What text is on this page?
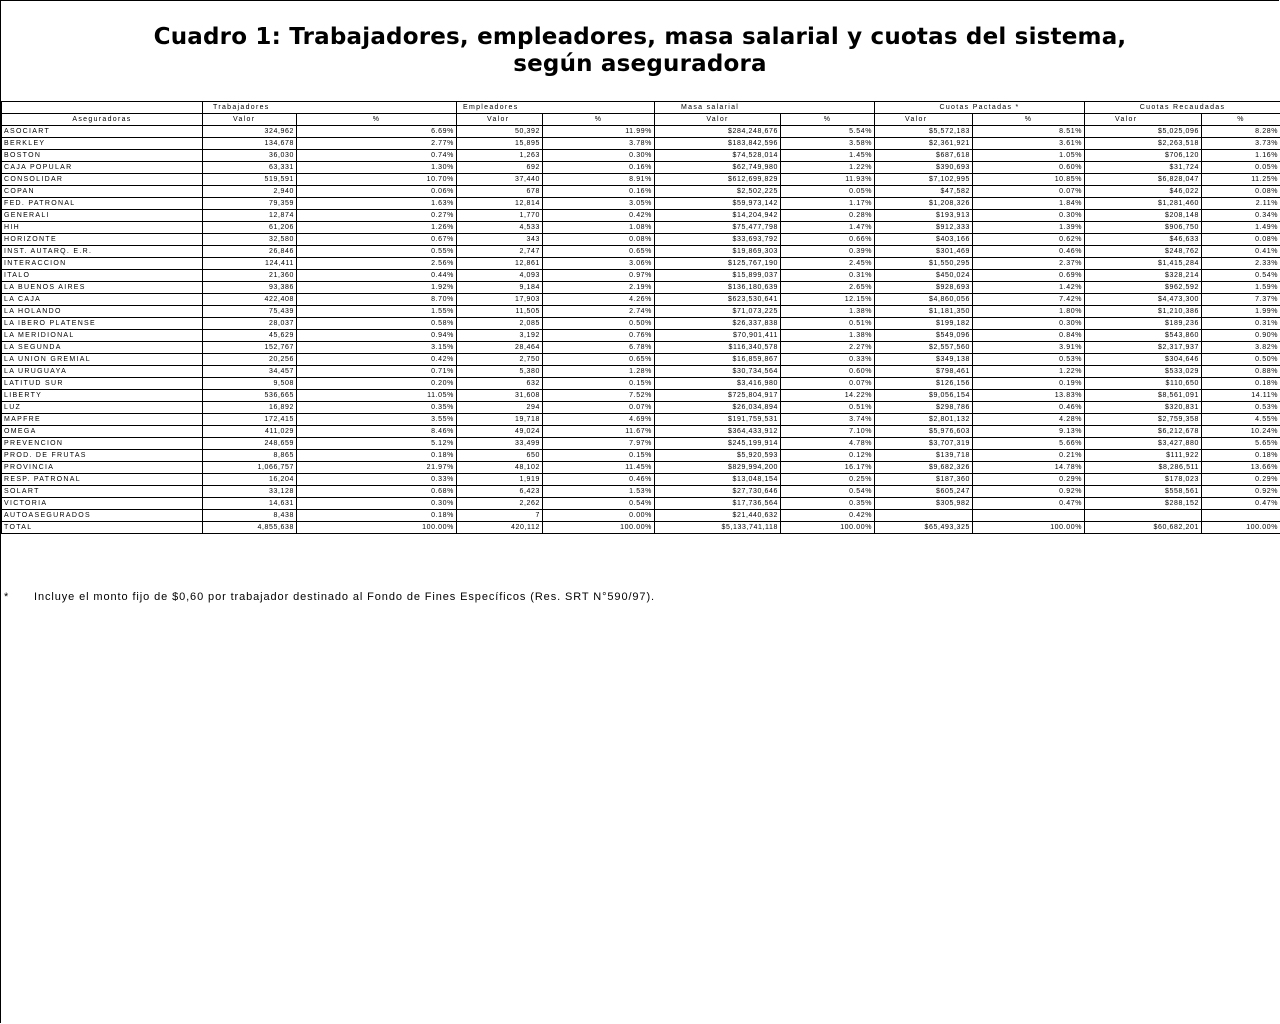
Cuadro 1: Trabajadores, empleadores, masa salarial y cuotas del sistema,
según aseguradora
	Trabajadores		Empleadores		Masa salarial		Cuotas Pactadas *		Cuotas Recaudadas	
Aseguradoras	Valor	%	Valor	%	Valor	%	Valor	%	Valor	%
ASOCIART	324,962	6.69%	50,392	11.99%	$284,248,676	5.54%	$5,572,183	8.51%	$5,025,096	8.28%
BERKLEY	134,678	2.77%	15,895	3.78%	$183,842,596	3.58%	$2,361,921	3.61%	$2,263,518	3.73%
BOSTON	36,030	0.74%	1,263	0.30%	$74,528,014	1.45%	$687,618	1.05%	$706,120	1.16%
CAJA POPULAR	63,331	1.30%	692	0.16%	$62,749,980	1.22%	$390,693	0.60%	$31,724	0.05%
CONSOLIDAR	519,591	10.70%	37,440	8.91%	$612,699,829	11.93%	$7,102,995	10.85%	$6,828,047	11.25%
COPAN	2,940	0.06%	678	0.16%	$2,502,225	0.05%	$47,582	0.07%	$46,022	0.08%
FED. PATRONAL	79,359	1.63%	12,814	3.05%	$59,973,142	1.17%	$1,208,326	1.84%	$1,281,460	2.11%
GENERALI	12,874	0.27%	1,770	0.42%	$14,204,942	0.28%	$193,913	0.30%	$208,148	0.34%
HIH	61,206	1.26%	4,533	1.08%	$75,477,798	1.47%	$912,333	1.39%	$906,750	1.49%
HORIZONTE	32,580	0.67%	343	0.08%	$33,693,792	0.66%	$403,166	0.62%	$46,633	0.08%
INST. AUTARQ. E.R.	26,846	0.55%	2,747	0.65%	$19,869,303	0.39%	$301,469	0.46%	$248,762	0.41%
INTERACCION	124,411	2.56%	12,861	3.06%	$125,767,190	2.45%	$1,550,295	2.37%	$1,415,284	2.33%
ITALO	21,360	0.44%	4,093	0.97%	$15,899,037	0.31%	$450,024	0.69%	$328,214	0.54%
LA BUENOS AIRES	93,386	1.92%	9,184	2.19%	$136,180,639	2.65%	$928,693	1.42%	$962,592	1.59%
LA CAJA	422,408	8.70%	17,903	4.26%	$623,530,641	12.15%	$4,860,056	7.42%	$4,473,300	7.37%
LA HOLANDO	75,439	1.55%	11,505	2.74%	$71,073,225	1.38%	$1,181,350	1.80%	$1,210,386	1.99%
LA IBERO PLATENSE	28,037	0.58%	2,085	0.50%	$26,337,838	0.51%	$199,182	0.30%	$189,236	0.31%
LA MERIDIONAL	45,629	0.94%	3,192	0.76%	$70,901,411	1.38%	$549,096	0.84%	$543,860	0.90%
LA SEGUNDA	152,767	3.15%	28,464	6.78%	$116,340,578	2.27%	$2,557,560	3.91%	$2,317,937	3.82%
LA UNION GREMIAL	20,256	0.42%	2,750	0.65%	$16,859,867	0.33%	$349,138	0.53%	$304,646	0.50%
LA URUGUAYA	34,457	0.71%	5,380	1.28%	$30,734,564	0.60%	$798,461	1.22%	$533,029	0.88%
LATITUD SUR	9,508	0.20%	632	0.15%	$3,416,980	0.07%	$126,156	0.19%	$110,650	0.18%
LIBERTY	536,665	11.05%	31,608	7.52%	$725,804,917	14.22%	$9,056,154	13.83%	$8,561,091	14.11%
LUZ	16,892	0.35%	294	0.07%	$26,034,894	0.51%	$298,786	0.46%	$320,831	0.53%
MAPFRE	172,415	3.55%	19,718	4.69%	$191,759,531	3.74%	$2,801,132	4.28%	$2,759,358	4.55%
OMEGA	411,029	8.46%	49,024	11.67%	$364,433,912	7.10%	$5,976,603	9.13%	$6,212,678	10.24%
PREVENCION	248,659	5.12%	33,499	7.97%	$245,199,914	4.78%	$3,707,319	5.66%	$3,427,880	5.65%
PROD. DE FRUTAS	8,865	0.18%	650	0.15%	$5,920,593	0.12%	$139,718	0.21%	$111,922	0.18%
PROVINCIA	1,066,757	21.97%	48,102	11.45%	$829,994,200	16.17%	$9,682,326	14.78%	$8,286,511	13.66%
RESP. PATRONAL	16,204	0.33%	1,919	0.46%	$13,048,154	0.25%	$187,360	0.29%	$178,023	0.29%
SOLART	33,128	0.68%	6,423	1.53%	$27,730,646	0.54%	$605,247	0.92%	$558,561	0.92%
VICTORIA	14,631	0.30%	2,262	0.54%	$17,736,564	0.35%	$305,982	0.47%	$288,152	0.47%
AUTOASEGURADOS	8,438	0.18%	7	0.00%	$21,440,632	0.42%				
TOTAL	4,855,638	100.00%	420,112	100.00%	$5,133,741,118	100.00%	$65,493,325	100.00%	$60,682,201	100.00%
* Incluye el monto fijo de $0,60 por trabajador destinado al Fondo de Fines Específicos (Res. SRT N°590/97).
